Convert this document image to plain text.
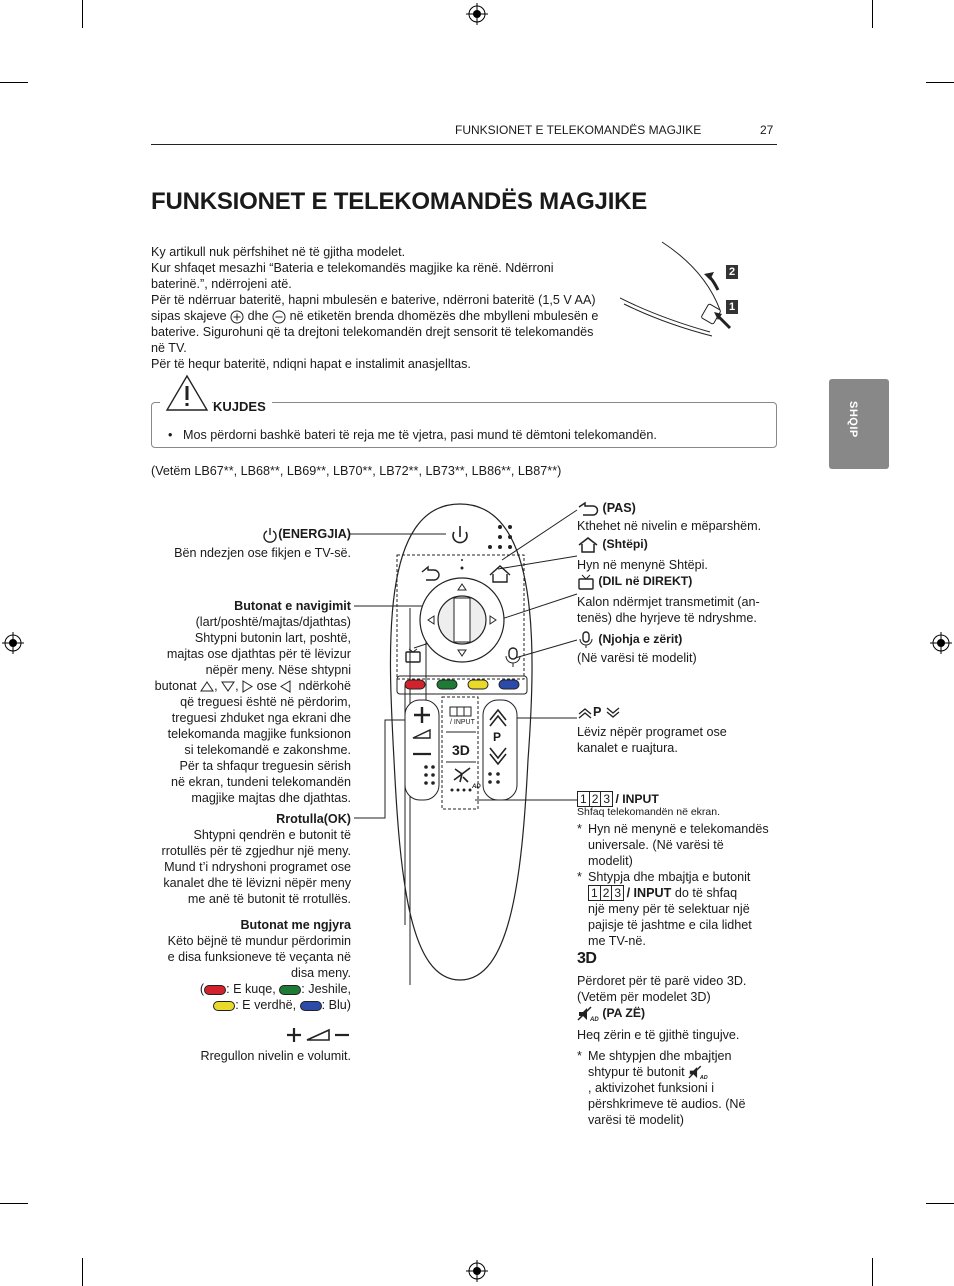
FUNKSIONET E TELEKOMANDËS MAGJIKE	27
FUNKSIONET E TELEKOMANDËS MAGJIKE
SHQIP
Ky artikull nuk përfshihet në të gjitha modelet.
Kur shfaqet mesazhi “Bateria e telekomandës magjike ka rënë. Ndërroni
baterinë.”, ndërrojeni atë.
Për të ndërruar bateritë, hapni mbulesën e baterive, ndërroni bateritë (1,5 V AA)
sipas skajeve dhe në etiketën brenda dhomëzës dhe mbylleni mbulesën e
baterive. Sigurohuni që ta drejtoni telekomandën drejt sensorit të telekomandës
në TV.
Për të hequr bateritë, ndiqni hapat e instalimit anasjelltas.
2
1
KUJDES
• Mos përdorni bashkë bateri të reja me të vjetra, pasi mund të dëmtoni telekomandën.
(Vetëm LB67**, LB68**, LB69**, LB70**, LB72**, LB73**, LB86**, LB87**)
(ENERGJIA)
Bën ndezjen ose fikjen e TV-së.
Butonat e navigimit
(lart/poshtë/majtas/djathtas)
Shtypni butonin lart, poshtë,
majtas ose djathtas për të lëvizur
nëpër meny. Nëse shtypni
butonat , ,  ose ndërkohë
që treguesi është në përdorim,
treguesi zhduket nga ekrani dhe
telekomanda magjike funksionon
si telekomandë e zakonshme.
Për ta shfaqur treguesin sërish
në ekran, tundeni telekomandën
magjike majtas dhe djathtas.
Rrotulla(OK)
Shtypni qendrën e butonit të
rrotullës për të zgjedhur një meny.
Mund t’i ndryshoni programet ose
kanalet dhe të lëvizni nëpër meny
me anë të butonit të rrotullës.
Butonat me ngjyra
Këto bëjnë të mundur përdorimin
e disa funksioneve të veçanta në
disa meny.
( : E kuqe, : Jeshile,
: E verdhë, : Blu)
Rregullon nivelin e volumit.
/ INPUT
P
3D
AD
(PAS)
Kthehet në nivelin e mëparshëm.
(Shtëpi)
Hyn në menynë Shtëpi.
(DIL në DIREKT)
Kalon ndërmjet transmetimit (an-
tenës) dhe hyrjeve të ndryshme.
(Njohja e zërit)
(Në varësi të modelit)
P
Lëviz nëpër programet ose
kanalet e ruajtura.
1 2 3 / INPUT
Shfaq telekomandën në ekran.
* Hyn në menynë e telekomandës
universale. (Në varësi të
modelit)
* Shtypja dhe mbajtja e butonit
1 2 3 / INPUT do të shfaq
një meny për të selektuar një
pajisje të jashtme e cila lidhet
me TV-në.
3D
Përdoret për të parë video 3D.
(Vetëm për modelet 3D)
AD (PA ZË)
Heq zërin e të gjithë tingujve.
* Me shtypjen dhe mbajtjen
shtypur të butonit	AD
, aktivizohet funksioni i
përshkrimeve të audios. (Në
varësi të modelit)
